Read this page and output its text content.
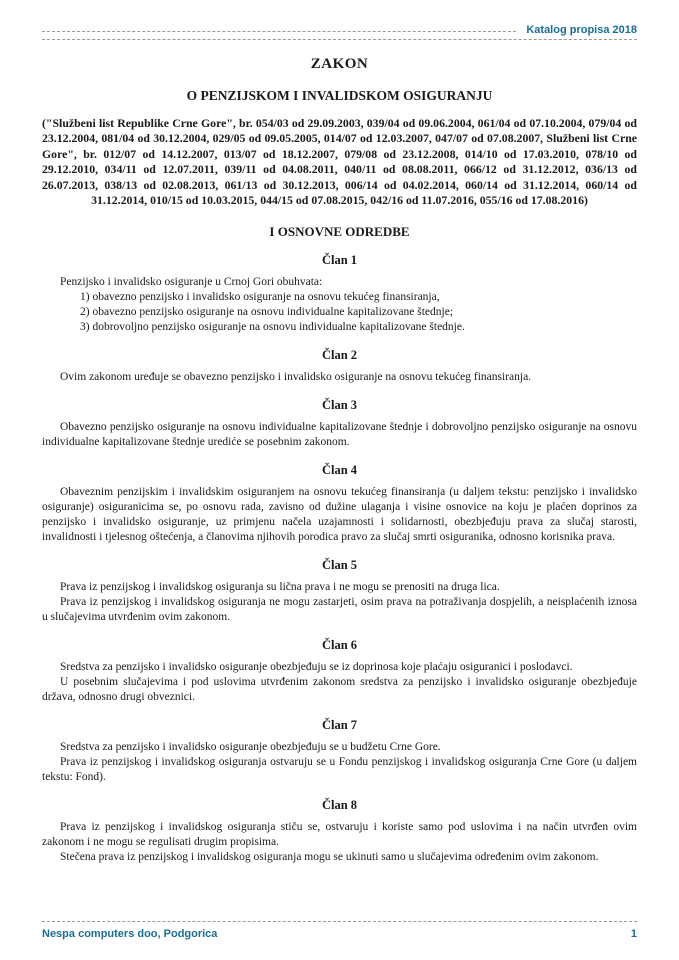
Katalog propisa 2018
ZAKON
O PENZIJSKOM I INVALIDSKOM OSIGURANJU

("Službeni list Republike Crne Gore", br. 054/03 od 29.09.2003, 039/04 od 09.06.2004, 061/04 od 07.10.2004, 079/04 od 23.12.2004, 081/04 od 30.12.2004, 029/05 od 09.05.2005, 014/07 od 12.03.2007, 047/07 od 07.08.2007, Službeni list Crne Gore", br. 012/07 od 14.12.2007, 013/07 od 18.12.2007, 079/08 od 23.12.2008, 014/10 od 17.03.2010, 078/10 od 29.12.2010, 034/11 od 12.07.2011, 039/11 od 04.08.2011, 040/11 od 08.08.2011, 066/12 od 31.12.2012, 036/13 od 26.07.2013, 038/13 od 02.08.2013, 061/13 od 30.12.2013, 006/14 od 04.02.2014, 060/14 od 31.12.2014, 060/14 od 31.12.2014, 010/15 od 10.03.2015, 044/15 od 07.08.2015, 042/16 od 11.07.2016, 055/16 od 17.08.2016)

I OSNOVNE ODREDBE
Član 1

Penzijsko i invalidsko osiguranje u Crnoj Gori obuhvata:

1) obavezno penzijsko i invalidsko osiguranje na osnovu tekućeg finansiranja,

2) obavezno penzijsko osiguranje na osnovu individualne kapitalizovane štednje;

3) dobrovoljno penzijsko osiguranje na osnovu individualne kapitalizovane štednje.

Član 2

Ovim zakonom uređuje se obavezno penzijsko i invalidsko osiguranje na osnovu tekućeg finansiranja.

Član 3

Obavezno penzijsko osiguranje na osnovu individualne kapitalizovane štednje i dobrovoljno penzijsko osiguranje na osnovu individualne kapitalizovane štednje urediće se posebnim zakonom.

Član 4

Obaveznim penzijskim i invalidskim osiguranjem na osnovu tekućeg finansiranja (u daljem tekstu: penzijsko i invalidsko osiguranje) osiguranicima se, po osnovu rada, zavisno od dužine ulaganja i visine osnovice na koju je plaćen doprinos za penzijsko i invalidsko osiguranje, uz primjenu načela uzajamnosti i solidarnosti, obezbjeđuju prava za slučaj starosti, invalidnosti i tjelesnog oštećenja, a članovima njihovih porodica pravo za slučaj smrti osiguranika, odnosno korisnika prava.

Član 5

Prava iz penzijskog i invalidskog osiguranja su lična prava i ne mogu se prenositi na druga lica.

Prava iz penzijskog i invalidskog osiguranja ne mogu zastarjeti, osim prava na potraživanja dospjelih, a neisplaćenih iznosa u slučajevima utvrđenim ovim zakonom.

Član 6

Sredstva za penzijsko i invalidsko osiguranje obezbjeđuju se iz doprinosa koje plaćaju osiguranici i poslodavci.

U posebnim slučajevima i pod uslovima utvrđenim zakonom sredstva za penzijsko i invalidsko osiguranje obezbjeđuje država, odnosno drugi obveznici.

Član 7

Sredstva za penzijsko i invalidsko osiguranje obezbjeđuju se u budžetu Crne Gore.

Prava iz penzijskog i invalidskog osiguranja ostvaruju se u Fondu penzijskog i invalidskog osiguranja Crne Gore (u daljem tekstu: Fond).

Član 8

Prava iz penzijskog i invalidskog osiguranja stiču se, ostvaruju i koriste samo pod uslovima i na način utvrđen ovim zakonom i ne mogu se regulisati drugim propisima.

Stečena prava iz penzijskog i invalidskog osiguranja mogu se ukinuti samo u slučajevima određenim ovim zakonom.

Nespa computers doo, Podgorica	1
